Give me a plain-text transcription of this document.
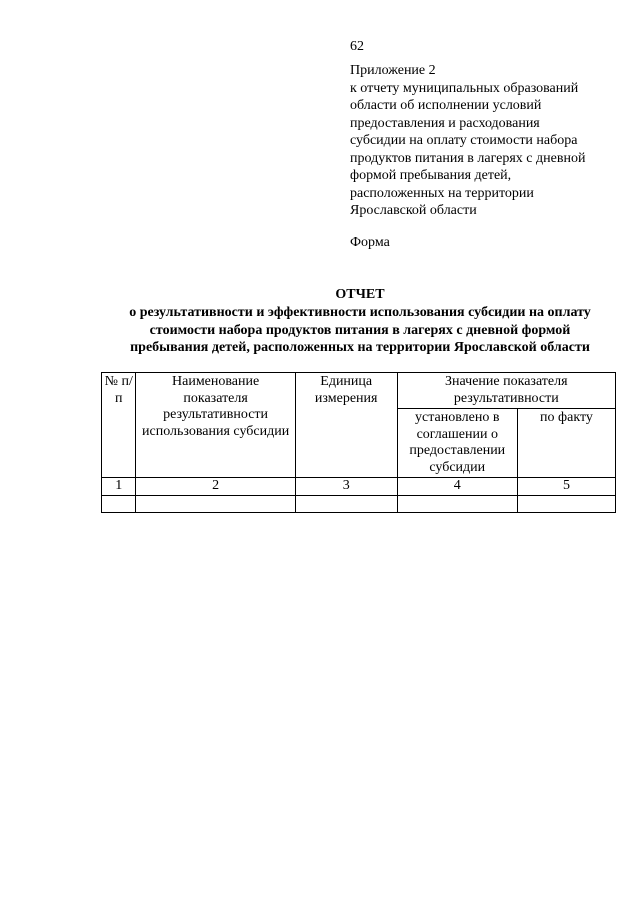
62
Приложение 2
к отчету муниципальных образований
области об исполнении условий
предоставления и расходования
субсидии на оплату стоимости набора
продуктов питания в лагерях с дневной
формой пребывания детей,
расположенных на территории
Ярославской области
Форма
ОТЧЕТ
о результативности и эффективности использования субсидии на оплату
стоимости набора продуктов питания в лагерях с дневной формой
пребывания детей, расположенных на территории Ярославской области
№ п/п	Наименование показателя результативности использования субсидии	Единица измерения	Значение показателя результативности	
			установлено в соглашении о предоставлении субсидии	по факту
1	2	3	4	5
